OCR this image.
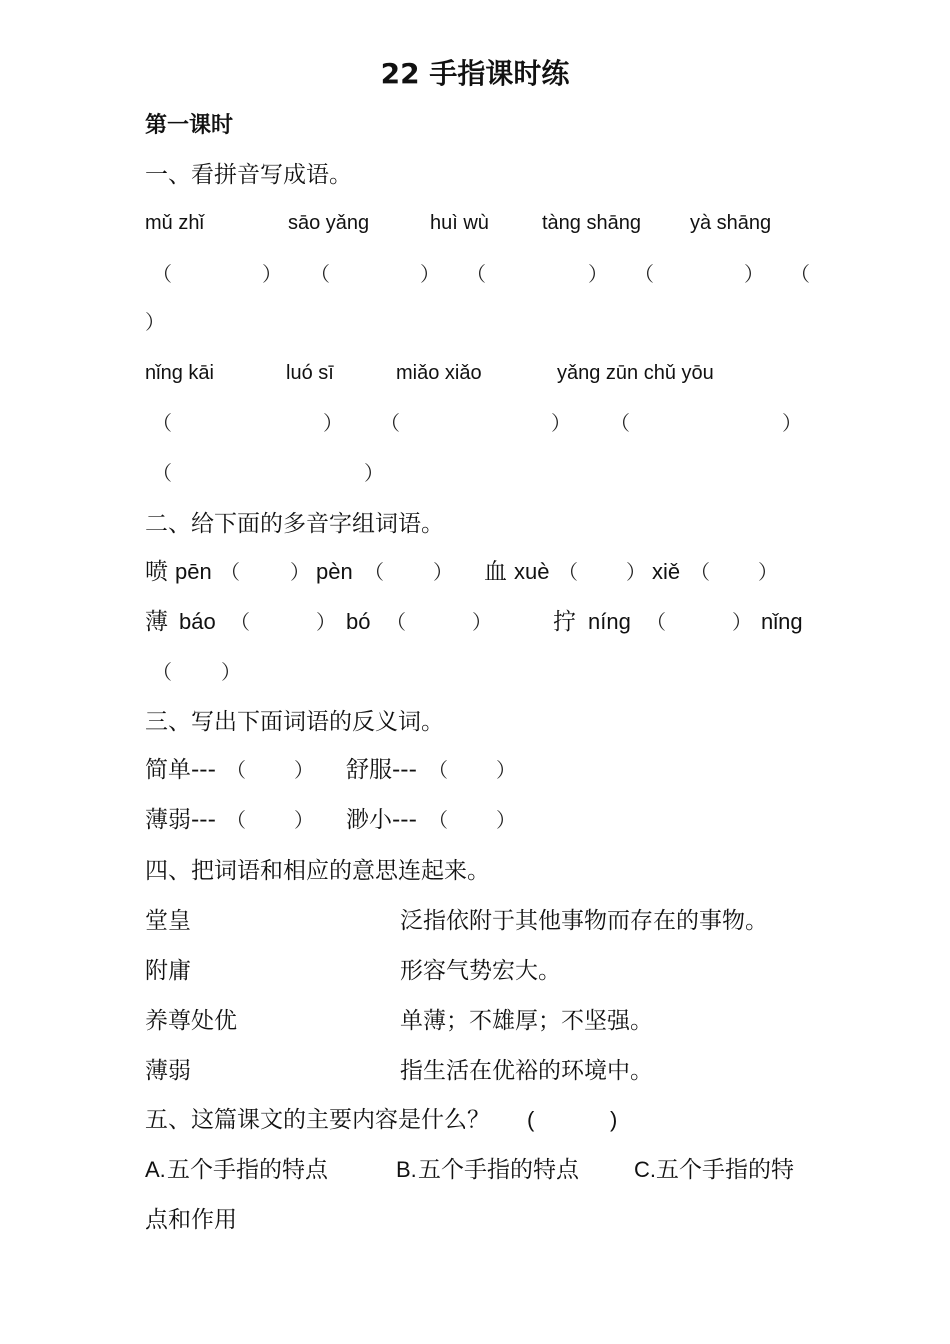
22 手指课时练
第一课时
一、看拼音写成语。
mǔ zhǐ	sāo yǎng	huì wù	tàng shāng yà shāng
（	） （	） （	） （	） （
）
nǐng kāi	luó sī	miǎo xiǎo	yǎng zūn chǔ yōu
（	） （	） （	）
（	）
二、给下面的多音字组词语。
喷 pēn （	） pèn （ ） 血 xuè （ ） xiě （ ）
薄 báo （	） bó （	）	拧 níng （	） nǐng
（ ）
三、写出下面词语的反义词。
简单--- （ ） 舒服--- （ ）
薄弱--- （ ） 渺小--- （ ）
四、把词语和相应的意思连起来。
堂皇	泛指依附于其他事物而存在的事物。
附庸	形容气势宏大。
养尊处优	单薄；不雄厚；不坚强。
薄弱	指生活在优裕的环境中。
五、这篇课文的主要内容是什么？ (	)
A. 五个手指的特点	B. 五个手指的特点	C. 五个手指的特
点和作用
